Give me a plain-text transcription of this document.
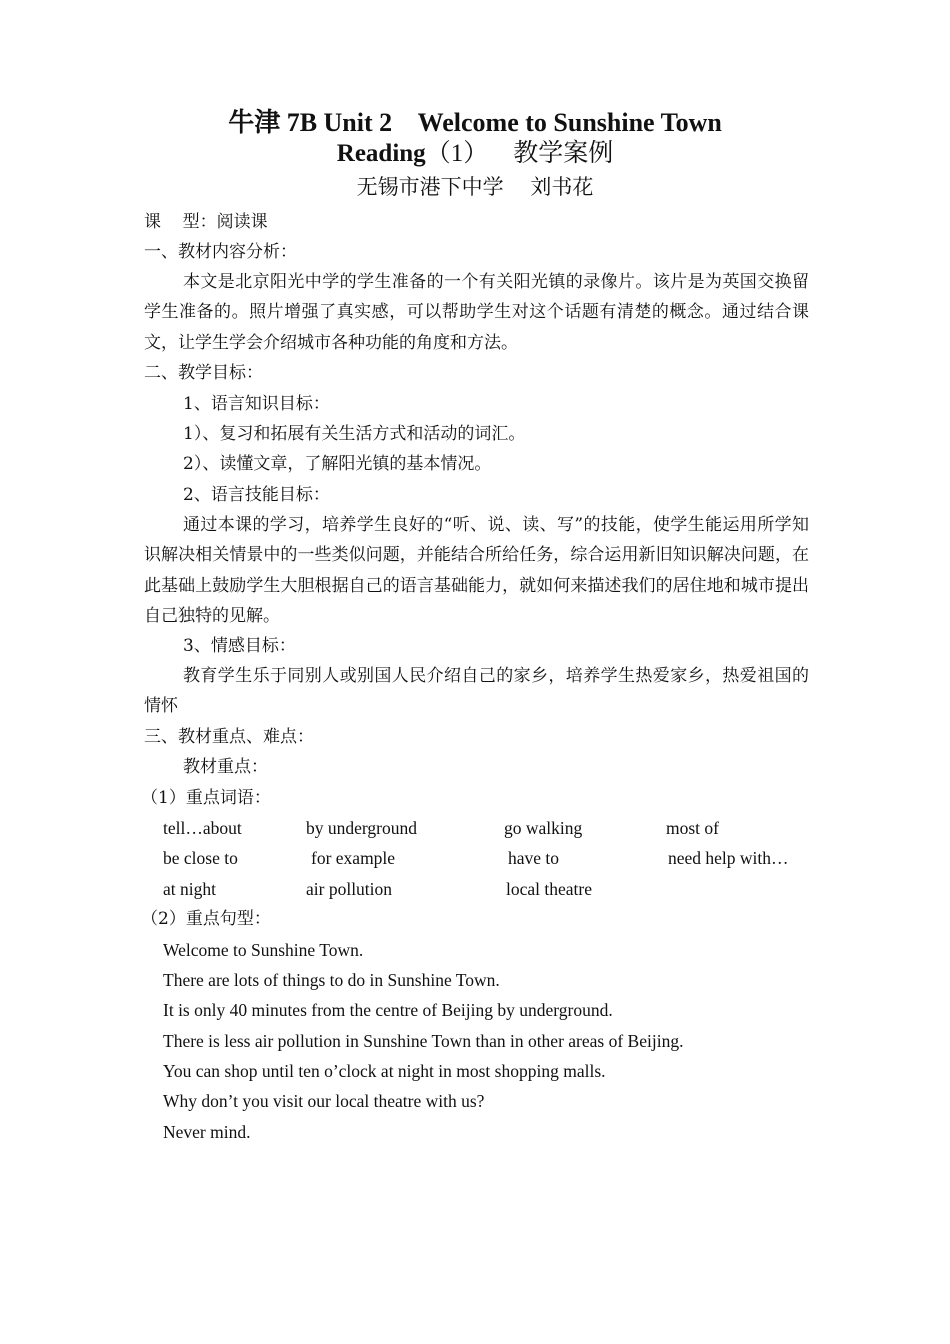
牛津 7B Unit 2    Welcome to Sunshine Town
Reading（1）    教学案例
无锡市港下中学    刘书花
课    型：阅读课
一、教材内容分析：
本文是北京阳光中学的学生准备的一个有关阳光镇的录像片。该片是为英国交换留学生准备的。照片增强了真实感，可以帮助学生对这个话题有清楚的概念。通过结合课文，让学生学会介绍城市各种功能的角度和方法。
二、教学目标：
1、语言知识目标：
1）、复习和拓展有关生活方式和活动的词汇。
2）、读懂文章，了解阳光镇的基本情况。
2、语言技能目标：
通过本课的学习，培养学生良好的“听、说、读、写”的技能，使学生能运用所学知识解决相关情景中的一些类似问题，并能结合所给任务，综合运用新旧知识解决问题，在此基础上鼓励学生大胆根据自己的语言基础能力，就如何来描述我们的居住地和城市提出自己独特的见解。
3、情感目标：
教育学生乐于同别人或别国人民介绍自己的家乡，培养学生热爱家乡，热爱祖国的情怀
三、教材重点、难点：
教材重点：
（1）重点词语：
tell…about	by underground	go walking	most of
be close to	for example	have to	need help with…
at night	air pollution	local theatre
（2）重点句型：
Welcome to Sunshine Town.
There are lots of things to do in Sunshine Town.
It is only 40 minutes from the centre of Beijing by underground.
There is less air pollution in Sunshine Town than in other areas of Beijing.
You can shop until ten o’clock at night in most shopping malls.
Why don’t you visit our local theatre with us?
Never mind.
